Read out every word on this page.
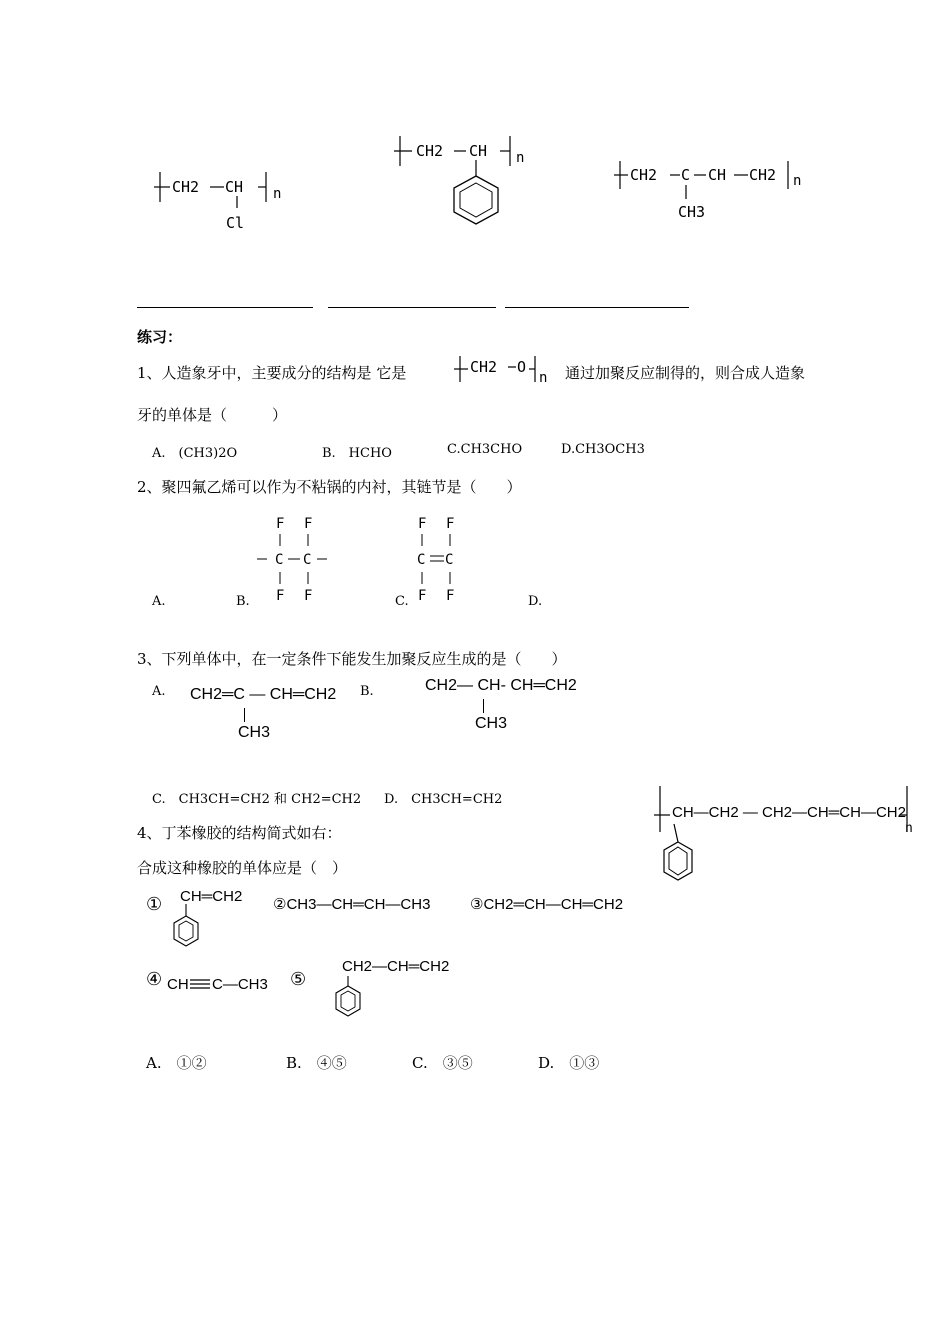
CH2 CH
Cl
n
CH2 CH n
CH2 C CH CH2 n
CH3
练习：
1、人造象牙中，主要成分的结构是 它是	CH2 O
n 通过加聚反应制得的，则合成人造象
牙的单体是（　　　）
A.　(CH3)2O	B.　HCHO	C.CH3CHO	D.CH3OCH3
2、聚四氟乙烯可以作为不粘锅的内衬，其链节是（　　）
F F
C C
F F
F F
C C
F F
A.	B.	C.	D.
3、下列单体中，在一定条件下能发生加聚反应生成的是（　　）
A. CH2═C — CH═CH2
CH3
B.	CH2— CH- CH═CH2
CH3
C.　CH3CH=CH2 和 CH2=CH2 D.　CH3CH=CH2
n
CH—CH2 — CH2—CH═CH—CH2
4、丁苯橡胶的结构简式如右：
合成这种橡胶的单体应是（　）
① CH═CH2 ②CH3—CH═CH—CH3	③CH2═CH—CH═CH2
④ CH C—CH3 ⑤
CH2—CH═CH2
A.　①②	B.　④⑤	C.　③⑤	D.　①③
